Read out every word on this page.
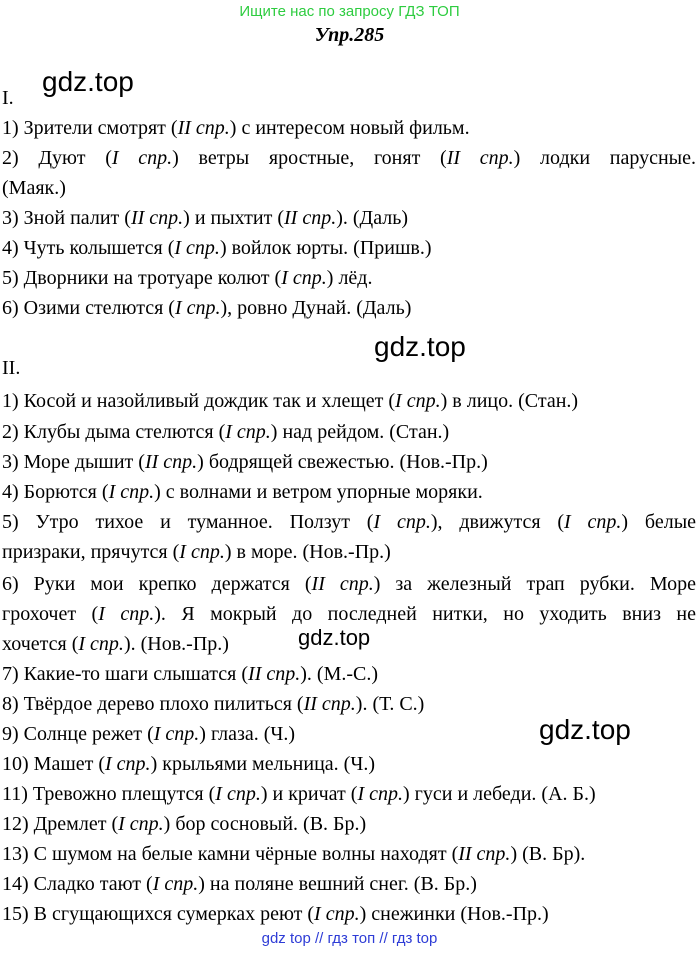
Ищите нас по запросу ГДЗ ТОП
Упр.285
gdz.top
gdz.top
gdz.top
gdz.top
I.
1) Зрители смотрят (II спр.) с интересом новый фильм.
2) Дуют (I спр.) ветры яростные, гонят (II спр.) лодки парусные.
(Маяк.)
3) Зной палит (II спр.) и пыхтит (II спр.). (Даль)
4) Чуть колышется (I спр.) войлок юрты. (Пришв.)
5) Дворники на тротуаре колют (I спр.) лёд.
6) Озими стелются (I спр.), ровно Дунай. (Даль)
II.
1) Косой и назойливый дождик так и хлещет (I спр.) в лицо. (Стан.)
2) Клубы дыма стелются (I спр.) над рейдом. (Стан.)
3) Море дышит (II спр.) бодрящей свежестью. (Нов.-Пр.)
4) Борются (I спр.) с волнами и ветром упорные моряки.
5) Утро тихое и туманное. Ползут (I спр.), движутся (I спр.) белые
призраки, прячутся (I спр.) в море. (Нов.-Пр.)
6) Руки мои крепко держатся (II спр.) за железный трап рубки. Море
грохочет (I спр.). Я мокрый до последней нитки, но уходить вниз не
хочется (I спр.). (Нов.-Пр.)
7) Какие-то шаги слышатся (II спр.). (М.-С.)
8) Твёрдое дерево плохо пилиться (II спр.). (Т. С.)
9) Солнце режет (I спр.) глаза. (Ч.)
10) Машет (I спр.) крыльями мельница. (Ч.)
11) Тревожно плещутся (I спр.) и кричат (I спр.) гуси и лебеди. (А. Б.)
12) Дремлет (I спр.) бор сосновый. (В. Бр.)
13) С шумом на белые камни чёрные волны находят (II спр.) (В. Бр).
14) Сладко тают (I спр.) на поляне вешний снег. (В. Бр.)
15) В сгущающихся сумерках реют (I спр.) снежинки (Нов.-Пр.)
gdz top // гдз топ // гдз top
